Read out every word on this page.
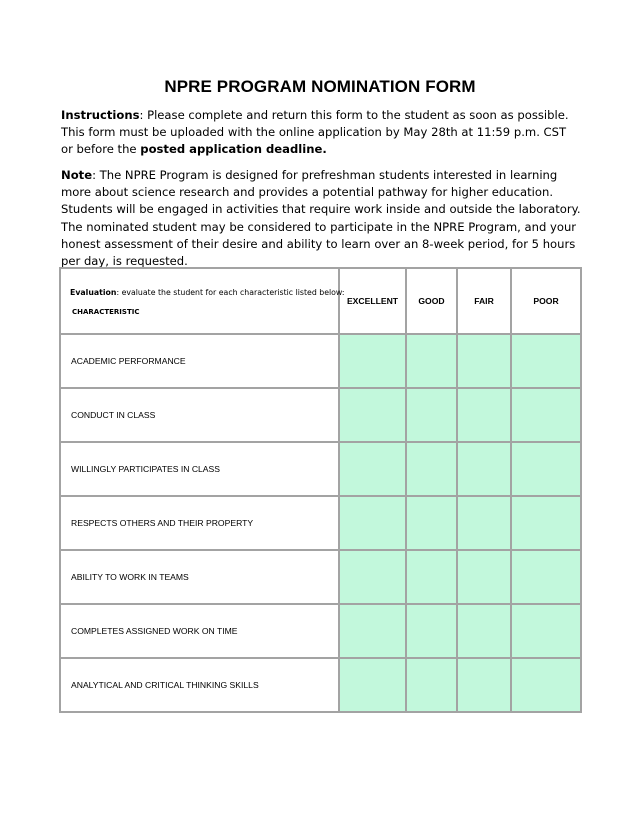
NPRE PROGRAM NOMINATION FORM
Instructions: Please complete and return this form to the student as soon as possible. This form must be uploaded with the online application by May 28th at 11:59 p.m. CST or before the posted application deadline.
Note: The NPRE Program is designed for prefreshman students interested in learning more about science research and provides a potential pathway for higher education. Students will be engaged in activities that require work inside and outside the laboratory. The nominated student may be considered to participate in the NPRE Program, and your honest assessment of their desire and ability to learn over an 8-week period, for 5 hours per day, is requested.
Evaluation: evaluate the student for each characteristic listed below:
CHARACTERISTIC	EXCELLENT	GOOD	FAIR	POOR
ACADEMIC PERFORMANCE				
CONDUCT IN CLASS				
WILLINGLY PARTICIPATES IN CLASS				
RESPECTS OTHERS AND THEIR PROPERTY				
ABILITY TO WORK IN TEAMS				
COMPLETES ASSIGNED WORK ON TIME				
ANALYTICAL AND CRITICAL THINKING SKILLS				
